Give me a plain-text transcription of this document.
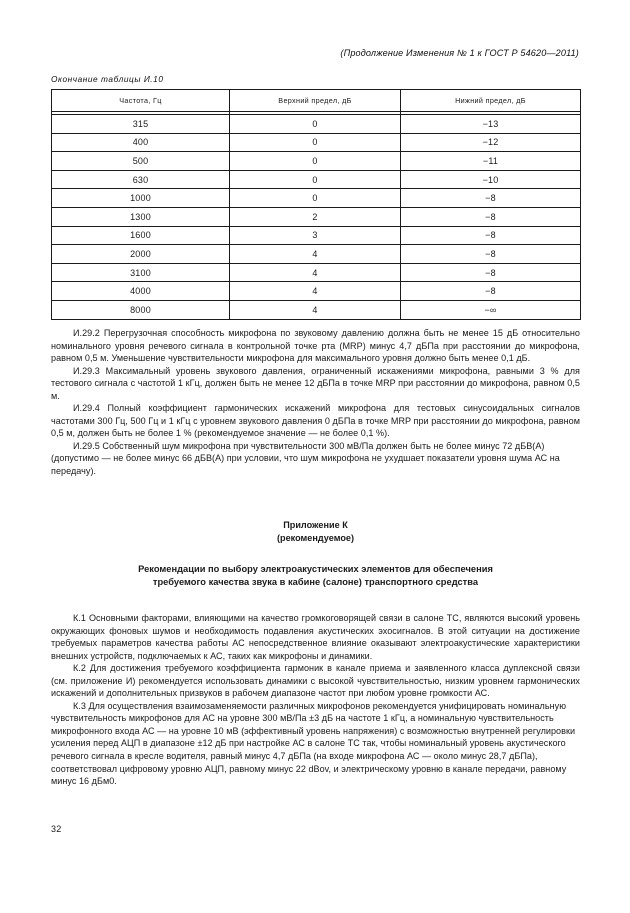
(Продолжение Изменения № 1 к ГОСТ Р 54620—2011)
Окончание таблицы И.10
Частота, Гц	Верхний предел, дБ	Нижний предел, дБ

315	0	−13
400	0	−12
500	0	−11
630	0	−10
1000	0	−8
1300	2	−8
1600	3	−8
2000	4	−8
3100	4	−8
4000	4	−8
8000	4	−∞

И.29.2 Перегрузочная способность микрофона по звуковому давлению должна быть не менее 15 дБ относительно номинального уровня речевого сигнала в контрольной точке рта (MRP) минус 4,7 дБПа при расстоянии до микрофона, равном 0,5 м. Уменьшение чувствительности микрофона для максимального уровня должно быть менее 0,1 дБ.

И.29.3 Максимальный уровень звукового давления, ограниченный искажениями микрофона, равными 3 % для тестового сигнала с частотой 1 кГц, должен быть не менее 12 дБПа в точке MRP при расстоянии до микрофона, равном 0,5 м.

И.29.4 Полный коэффициент гармонических искажений микрофона для тестовых синусоидальных сигналов частотами 300 Гц, 500 Гц и 1 кГц с уровнем звукового давления 0 дБПа в точке MRP при расстоянии до микрофона, равном 0,5 м, должен быть не более 1 % (рекомендуемое значение — не более 0,1 %).

И.29.5 Собственный шум микрофона при чувствительности 300 мВ/Па должен быть не более минус 72 дБВ(А) (допустимо — не более минус 66 дБВ(А) при условии, что шум микрофона не ухудшает показатели уровня шума АС на передачу).

Приложение К
(рекомендуемое)
Рекомендации по выбору электроакустических элементов для обеспечения
требуемого качества звука в кабине (салоне) транспортного средства

К.1 Основными факторами, влияющими на качество громкоговорящей связи в салоне ТС, являются высокий уровень окружающих фоновых шумов и необходимость подавления акустических эхосигналов. В этой ситуации на достижение требуемых параметров качества работы АС непосредственное влияние оказывают электроакустические характеристики внешних устройств, подключаемых к АС, таких как микрофоны и динамики.

К.2 Для достижения требуемого коэффициента гармоник в канале приема и заявленного класса дуплексной связи (см. приложение И) рекомендуется использовать динамики с высокой чувствительностью, низким уровнем гармонических искажений и дополнительных призвуков в рабочем диапазоне частот при любом уровне громкости АС.

К.3 Для осуществления взаимозаменяемости различных микрофонов рекомендуется унифицировать номинальную чувствительность микрофонов для АС на уровне 300 мВ/Па ±3 дБ на частоте 1 кГц, а номинальную чувствительность микрофонного входа АС — на уровне 10 мВ (эффективный уровень напряжения) с возможностью внутренней регулировки усиления перед АЦП в диапазоне ±12 дБ при настройке АС в салоне ТС так, чтобы номинальный уровень акустического речевого сигнала в кресле водителя, равный минус 4,7 дБПа (на входе микрофона АС — около минус 28,7 дБПа), соответствовал цифровому уровню АЦП, равному минус 22 dBov, и электрическому уровню в канале передачи, равному минус 16 дБм0.

32
